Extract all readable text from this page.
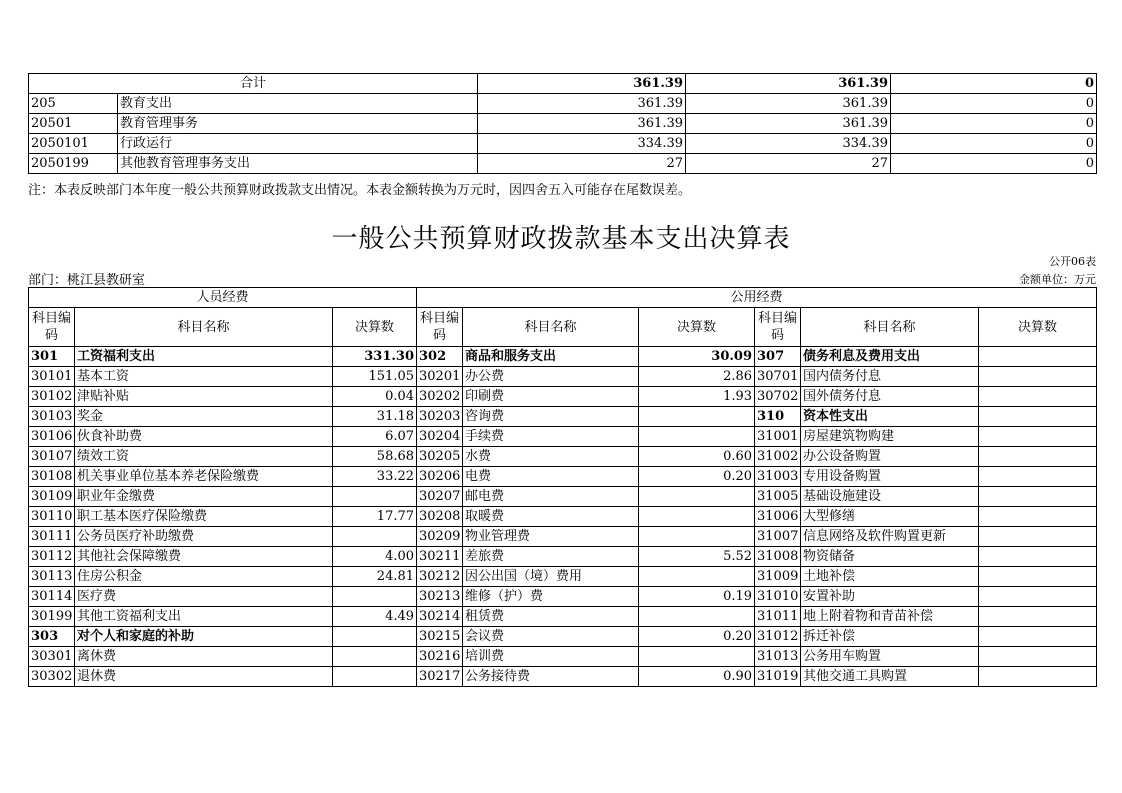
合计		361.39	361.39	0
205	教育支出	361.39	361.39	0
20501	教育管理事务	361.39	361.39	0
2050101	行政运行	334.39	334.39	0
2050199	其他教育管理事务支出	27	27	0
注：本表反映部门本年度一般公共预算财政拨款支出情况。本表金额转换为万元时，因四舍五入可能存在尾数误差。
一般公共预算财政拨款基本支出决算表
公开06表
部门：桃江县教研室	金额单位：万元
人员经费			公用经费					
科目编码	科目名称	决算数	科目编码	科目名称	决算数	科目编码	科目名称	决算数
301	工资福利支出	331.30	302	商品和服务支出	30.09	307	债务利息及费用支出	
30101	基本工资	151.05	30201	办公费	2.86	30701	国内债务付息	
30102	津贴补贴	0.04	30202	印刷费	1.93	30702	国外债务付息	
30103	奖金	31.18	30203	咨询费		310	资本性支出	
30106	伙食补助费	6.07	30204	手续费		31001	房屋建筑物购建	
30107	绩效工资	58.68	30205	水费	0.60	31002	办公设备购置	
30108	机关事业单位基本养老保险缴费	33.22	30206	电费	0.20	31003	专用设备购置	
30109	职业年金缴费		30207	邮电费		31005	基础设施建设	
30110	职工基本医疗保险缴费	17.77	30208	取暖费		31006	大型修缮	
30111	公务员医疗补助缴费		30209	物业管理费		31007	信息网络及软件购置更新	
30112	其他社会保障缴费	4.00	30211	差旅费	5.52	31008	物资储备	
30113	住房公积金	24.81	30212	因公出国（境）费用		31009	土地补偿	
30114	医疗费		30213	维修（护）费	0.19	31010	安置补助	
30199	其他工资福利支出	4.49	30214	租赁费		31011	地上附着物和青苗补偿	
303	对个人和家庭的补助		30215	会议费	0.20	31012	拆迁补偿	
30301	离休费		30216	培训费		31013	公务用车购置	
30302	退休费		30217	公务接待费	0.90	31019	其他交通工具购置	
